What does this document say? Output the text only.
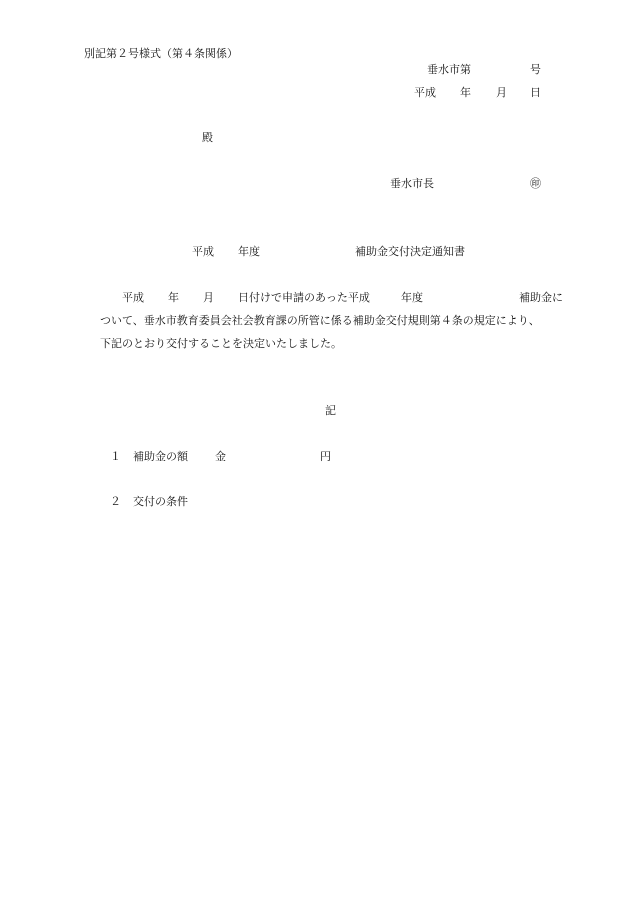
別記第２号様式（第４条関係）
垂水市第	号
平成 年 月 日
殿
垂水市長	㊞
平成 年度	補助金交付決定通知書
平成 年 月 日付けで申請のあった平成	年度	補助金に
ついて、垂水市教育委員会社会教育課の所管に係る補助金交付規則第４条の規定により、
下記のとおり交付することを決定いたしました。
記
１ 補助金の額 金	円
２ 交付の条件
